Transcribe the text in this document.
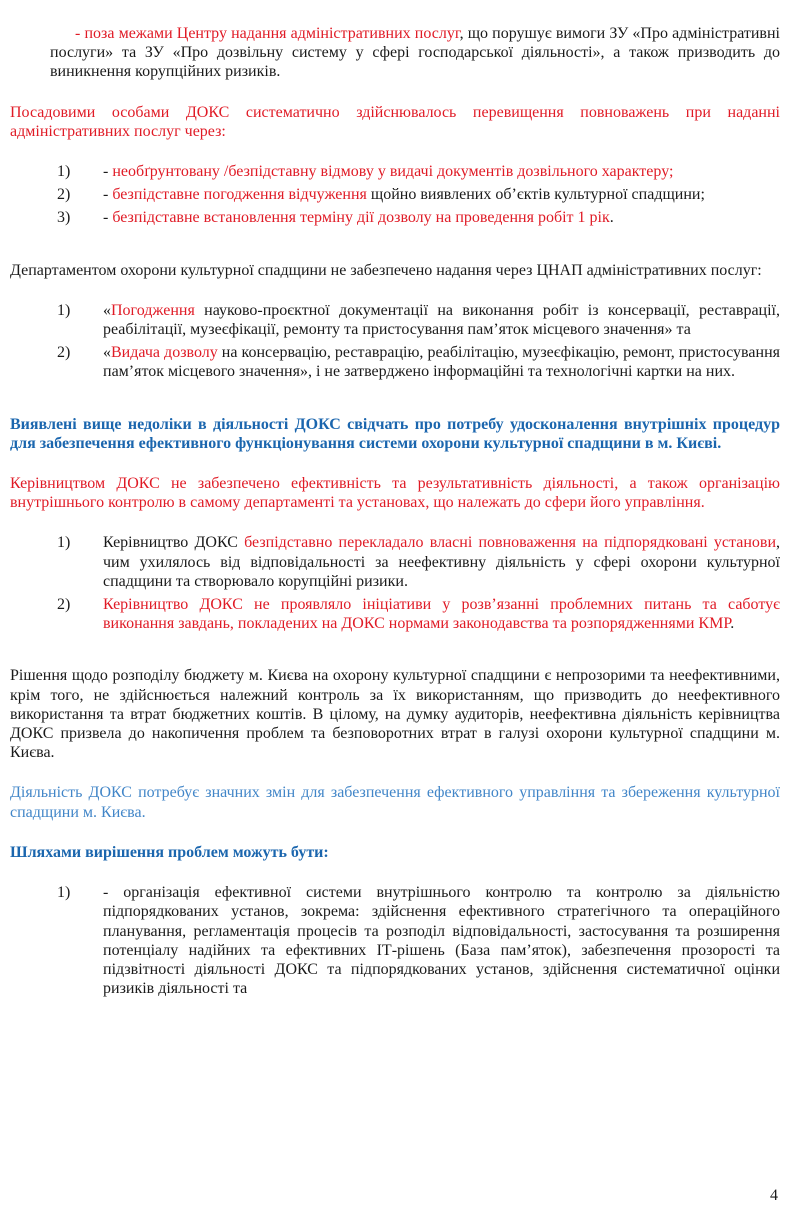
- поза межами Центру надання адміністративних послуг, що порушує вимоги ЗУ «Про адміністративні послуги» та ЗУ «Про дозвільну систему у сфері господарської діяльності», а також призводить до виникнення корупційних ризиків.

Посадовими особами ДОКС систематично здійснювалось перевищення повноважень при наданні адміністративних послуг через:

1) - необґрунтовану /безпідставну відмову у видачі документів дозвільного характеру;
2) - безпідставне погодження відчуження щойно виявлених об’єктів культурної спадщини;
3) - безпідставне встановлення терміну дії дозволу на проведення робіт 1 рік.

Департаментом охорони культурної спадщини не забезпечено надання через ЦНАП адміністративних послуг:

1) «Погодження науково-проєктної документації на виконання робіт із консервації, реставрації, реабілітації, музеєфікації, ремонту та пристосування пам’яток місцевого значення» та
2) «Видача дозволу на консервацію, реставрацію, реабілітацію, музеєфікацію, ремонт, пристосування пам’яток місцевого значення», і не затверджено інформаційні та технологічні картки на них.

Виявлені вище недоліки в діяльності ДОКС свідчать про потребу удосконалення внутрішніх процедур для забезпечення ефективного функціонування системи охорони культурної спадщини в м. Києві.

Керівництвом ДОКС не забезпечено ефективність та результативність діяльності, а також організацію внутрішнього контролю в самому департаменті та установах, що належать до сфери його управління.

1) Керівництво ДОКС безпідставно перекладало власні повноваження на підпорядковані установи, чим ухилялось від відповідальності за неефективну діяльність у сфері охорони культурної спадщини та створювало корупційні ризики.
2) Керівництво ДОКС не проявляло ініціативи у розв’язанні проблемних питань та саботує виконання завдань, покладених на ДОКС нормами законодавства та розпорядженнями КМР.

Рішення щодо розподілу бюджету м. Києва на охорону культурної спадщини є непрозорими та неефективними, крім того, не здійснюється належний контроль за їх використанням, що призводить до неефективного використання та втрат бюджетних коштів. В цілому, на думку аудиторів, неефективна діяльність керівництва ДОКС призвела до накопичення проблем та безповоротних втрат в галузі охорони культурної спадщини м. Києва.

Діяльність ДОКС потребує значних змін для забезпечення ефективного управління та збереження культурної спадщини м. Києва.

Шляхами вирішення проблем можуть бути:

1) - організація ефективної системи внутрішнього контролю та контролю за діяльністю підпорядкованих установ, зокрема: здійснення ефективного стратегічного та операційного планування, регламентація процесів та розподіл відповідальності, застосування та розширення потенціалу надійних та ефективних ІТ-рішень (База пам’яток), забезпечення прозорості та підзвітності діяльності ДОКС та підпорядкованих установ, здійснення систематичної оцінки ризиків діяльності та
4
